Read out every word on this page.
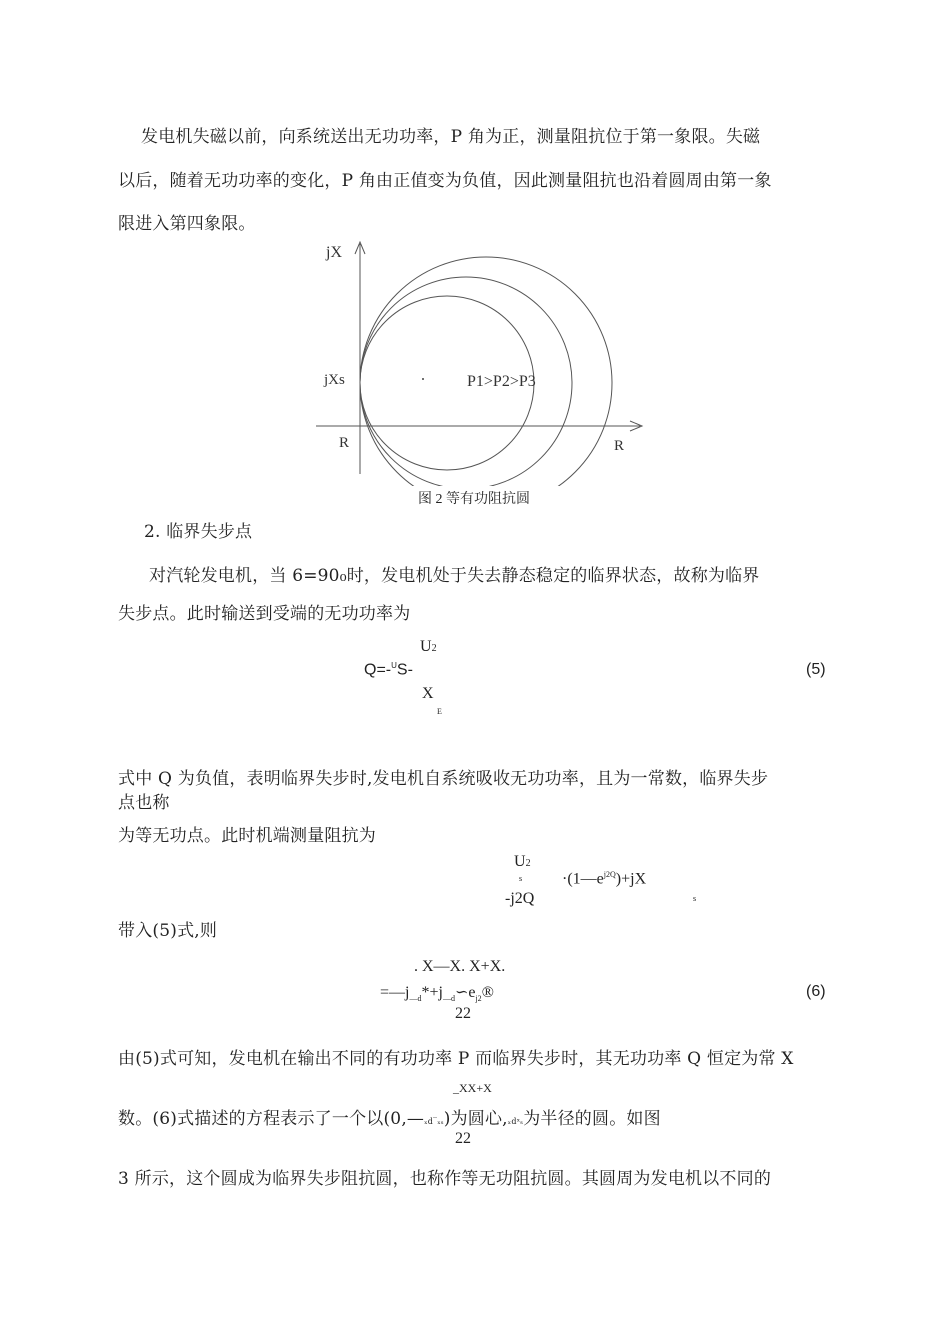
发电机失磁以前，向系统送出无功功率，P 角为正，测量阻抗位于第一象限。失磁
以后，随着无功功率的变化，P 角由正值变为负值，因此测量阻抗也沿着圆周由第一象
限进入第四象限。
jX
jXs
R	R
P1>P2>P3
图 2 等有功阻抗圆
2. 临界失步点
对汽轮发电机，当 6=90₀时，发电机处于失去静态稳定的临界状态，故称为临界
失步点。此时输送到受端的无功功率为
U2
Q=-$^U$S-
X
E
(5)
式中 Q 为负值，表明临界失步时,发电机自系统吸收无功功率，且为一常数，临界失步
点也称
为等无功点。此时机端测量阻抗为
U2
$s \cdot(1—e^{j2Q})+jX$
s
-j2Q
带入(5)式,则
. X—X. X+X.
$=—j_{—d}*+j_{—d}∽e_{j2}®$
22
(6)
由(5)式可知，发电机在输出不同的有功功率 P 而临界失步时，其无功功率 Q 恒定为常 X
_XX+X
数。(6)式描述的方程表示了一个以(0,—ₓd‾ₓₛ)为圆心,ₓdˣₛ为半径的圆。如图
22
3 所示，这个圆成为临界失步阻抗圆，也称作等无功阻抗圆。其圆周为发电机以不同的
